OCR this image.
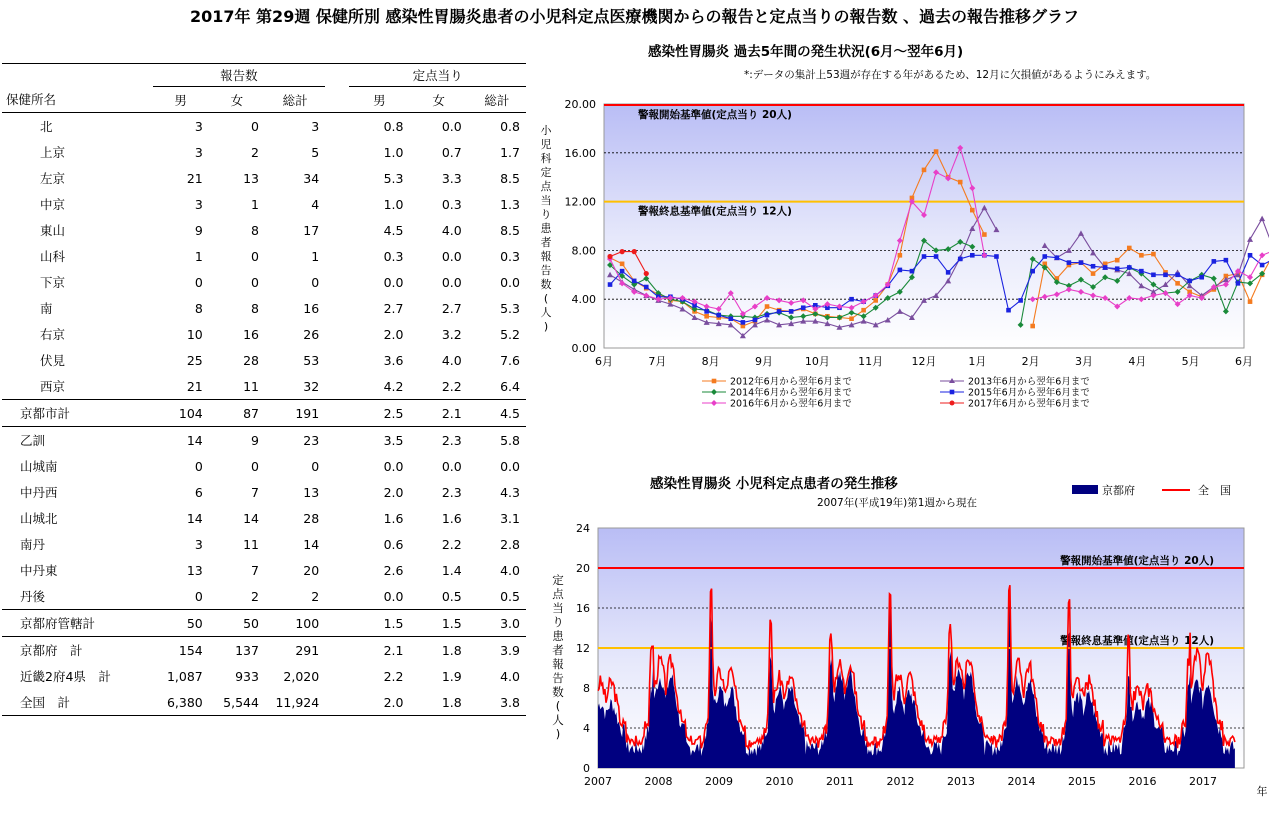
2017年 第29週 保健所別 感染性胃腸炎患者の小児科定点医療機関からの報告と定点当りの報告数 、過去の報告推移グラフ
	報告数				定点当り		
保健所名	男	女	総計		男	女	総計
北	3	0	3		0.8	0.0	0.8
上京	3	2	5		1.0	0.7	1.7
左京	21	13	34		5.3	3.3	8.5
中京	3	1	4		1.0	0.3	1.3
東山	9	8	17		4.5	4.0	8.5
山科	1	0	1		0.3	0.0	0.3
下京	0	0	0		0.0	0.0	0.0
南	8	8	16		2.7	2.7	5.3
右京	10	16	26		2.0	3.2	5.2
伏見	25	28	53		3.6	4.0	7.6
西京	21	11	32		4.2	2.2	6.4
京都市計	104	87	191		2.5	2.1	4.5
乙訓	14	9	23		3.5	2.3	5.8
山城南	0	0	0		0.0	0.0	0.0
中丹西	6	7	13		2.0	2.3	4.3
山城北	14	14	28		1.6	1.6	3.1
南丹	3	11	14		0.6	2.2	2.8
中丹東	13	7	20		2.6	1.4	4.0
丹後	0	2	2		0.0	0.5	0.5
京都府管轄計	50	50	100		1.5	1.5	3.0
京都府　計	154	137	291		2.1	1.8	3.9
近畿2府4県　計	1,087	933	2,020		2.2	1.9	4.0
全国　計	6,380	5,544	11,924		2.0	1.8	3.8
感染性胃腸炎 過去5年間の発生状況(6月～翌年6月)
*:データの集計上53週が存在する年があるため、12月に欠損値があるようにみえます。
0.00
4.00
8.00
12.00
16.00
20.00
小
児
科
定
点
当
り
患
者
報
告
数
(
人
)
6月	7月	8月	9月	10月	11月	12月	1月	2月	3月	4月	5月	6月
警報開始基準値(定点当り 20人)
警報終息基準値(定点当り 12人)
2012年6月から翌年6月まで	2013年6月から翌年6月まで
2014年6月から翌年6月まで	2015年6月から翌年6月まで
2016年6月から翌年6月まで	2017年6月から翌年6月まで
感染性胃腸炎 小児科定点患者の発生推移
2007年(平成19年)第1週から現在
0
4
8
12
16
20
24
定
点
当
り
患
者
報
告
数
(
人
)
2007	2008	2009	2010	2011	2012	2013	2014	2015	2016	2017
年
京都府	全　国
警報開始基準値(定点当り 20人)
警報終息基準値(定点当り 12人)
